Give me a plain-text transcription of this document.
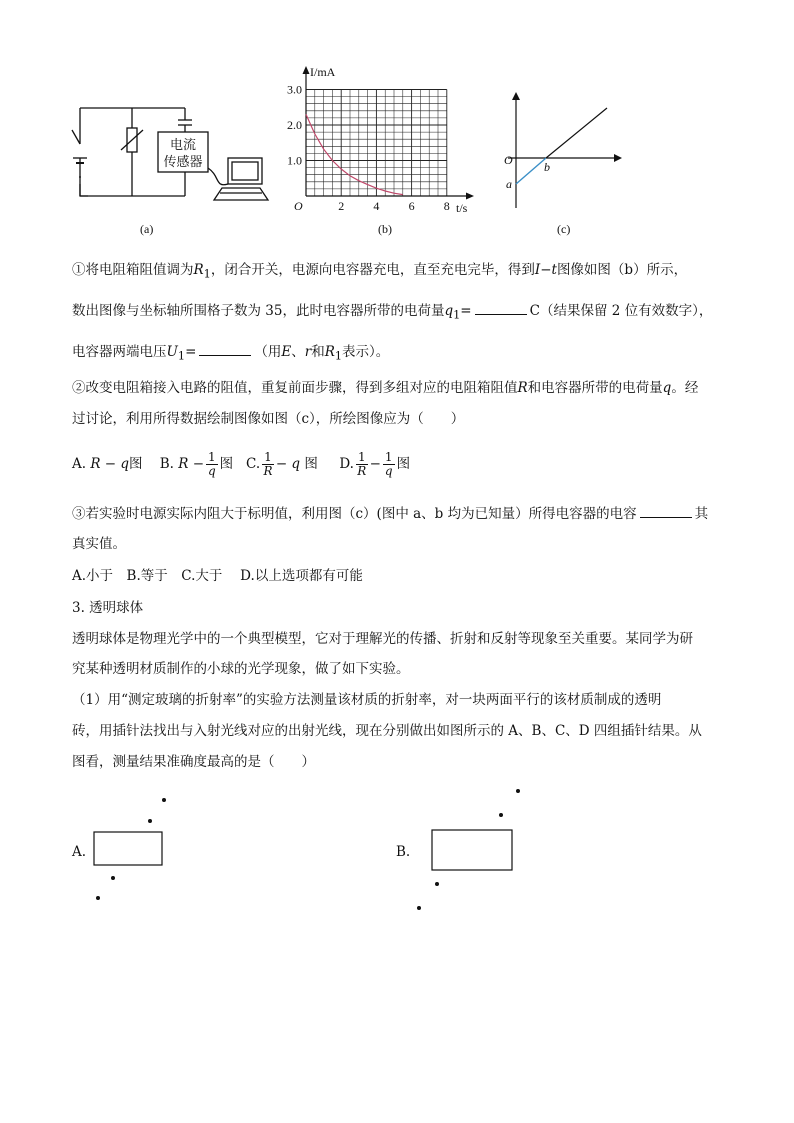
电流
传感器
(a)
3.0
2.0
1.0
2 4 6 8
O
I/mA
t/s
(b)
O
a
b
(c)
①将电阻箱阻值调为$R_1$，闭合开关，电源向电容器充电，直至充电完毕，得到I−t图像如图（b）所示，
数出图像与坐标轴所围格子数为 35，此时电容器所带的电荷量$q_1=$	C（结果保留 2 位有效数字），
电容器两端电压$U_1=$	（用E、r和$R_1$表示）。
②改变电阻箱接入电路的阻值，重复前面步骤，得到多组对应的电阻箱阻值R和电容器所带的电荷量q。经
过讨论，利用所得数据绘制图像如图（c），所绘图像应为（　　）
A. R − q图 B. $R - \frac{1}{q}$ 图 C. $\frac{1}{R} - q$ 图 D. $\frac{1}{R} - \frac{1}{q}$ 图
③若实验时电源实际内阻大于标明值，利用图（c）(图中 a、b 均为已知量）所得电容器的电容	其
真实值。
A.小于　B.等于　C.大于　 D.以上选项都有可能
3. 透明球体
透明球体是物理光学中的一个典型模型，它对于理解光的传播、折射和反射等现象至关重要。某同学为研
究某种透明材质制作的小球的光学现象，做了如下实验。
（1）用“测定玻璃的折射率”的实验方法测量该材质的折射率，对一块两面平行的该材质制成的透明
砖，用插针法找出与入射光线对应的出射光线，现在分别做出如图所示的 A、B、C、D 四组插针结果。从
图看，测量结果准确度最高的是（　　）
A.	B.
